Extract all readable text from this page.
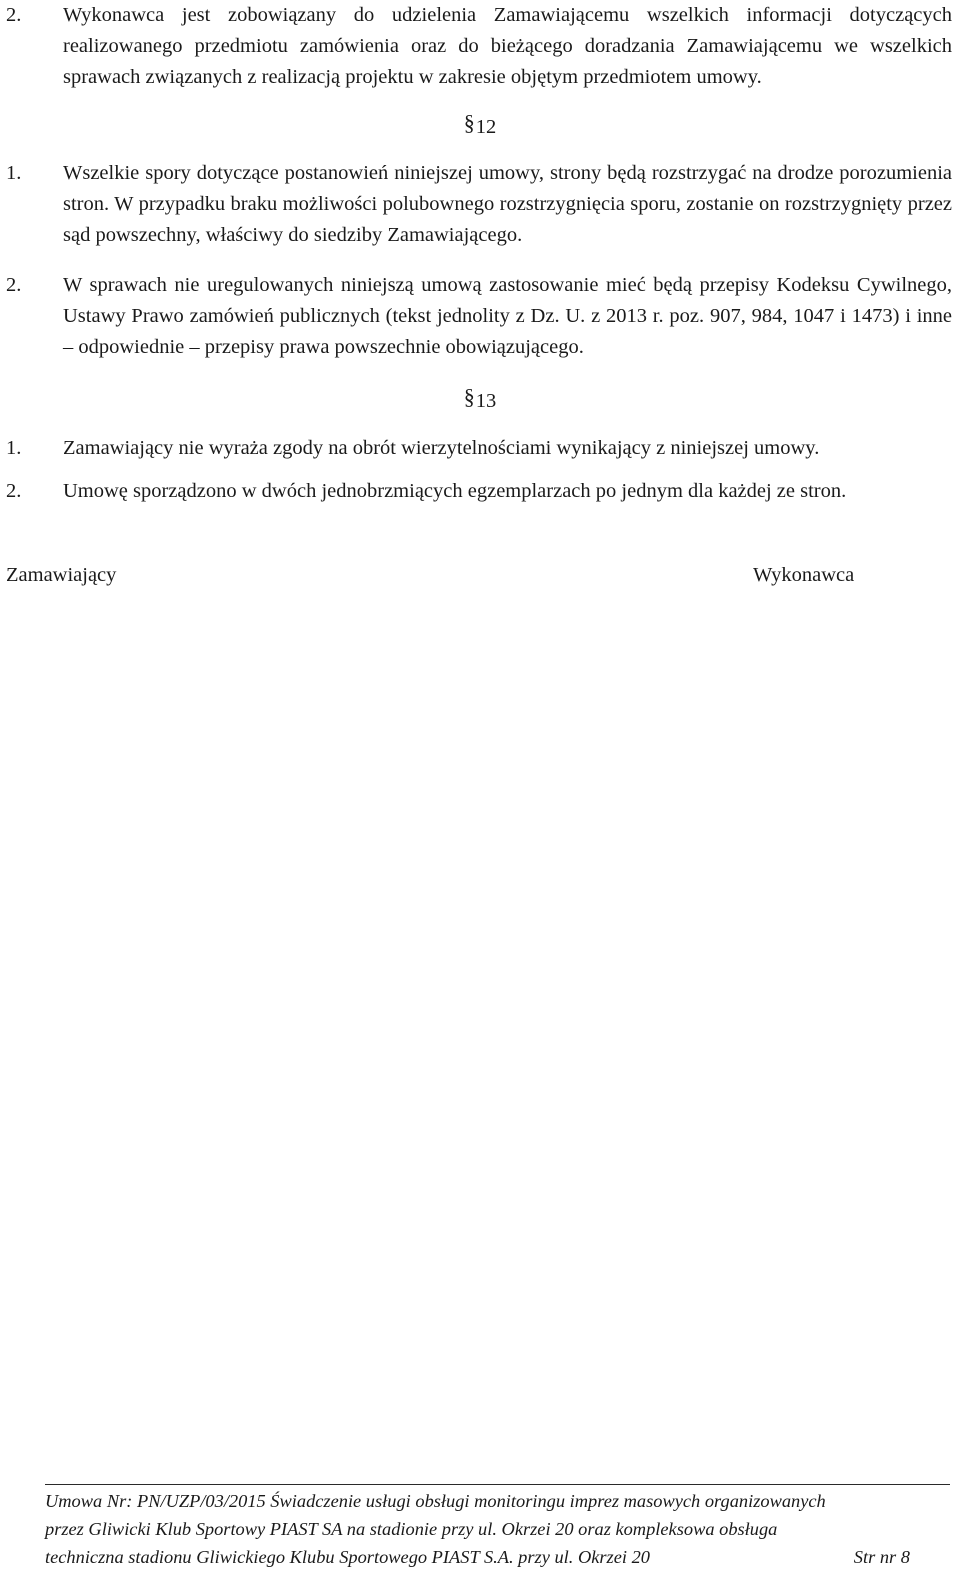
2. Wykonawca jest zobowiązany do udzielenia Zamawiającemu wszelkich informacji dotyczących realizowanego przedmiotu zamówienia oraz do bieżącego doradzania Zamawiającemu we wszelkich sprawach związanych z realizacją projektu w zakresie objętym przedmiotem umowy.
§12
1. Wszelkie spory dotyczące postanowień niniejszej umowy, strony będą rozstrzygać na drodze porozumienia stron. W przypadku braku możliwości polubownego rozstrzygnięcia sporu, zostanie on rozstrzygnięty przez sąd powszechny, właściwy do siedziby Zamawiającego.
2. W sprawach nie uregulowanych niniejszą umową zastosowanie mieć będą przepisy Kodeksu Cywilnego, Ustawy Prawo zamówień publicznych (tekst jednolity z Dz. U. z 2013 r. poz. 907, 984, 1047 i 1473) i inne – odpowiednie – przepisy prawa powszechnie obowiązującego.
§13
1. Zamawiający nie wyraża zgody na obrót wierzytelnościami wynikający z niniejszej umowy.
2. Umowę sporządzono w dwóch jednobrzmiących egzemplarzach po jednym dla każdej ze stron.
Zamawiający	Wykonawca
Umowa Nr: PN/UZP/03/2015 Świadczenie usługi obsługi monitoringu imprez masowych organizowanych
przez Gliwicki Klub Sportowy PIAST SA na stadionie przy ul. Okrzei 20 oraz kompleksowa obsługa
techniczna stadionu Gliwickiego Klubu Sportowego PIAST S.A. przy ul. Okrzei 20	Str nr 8
